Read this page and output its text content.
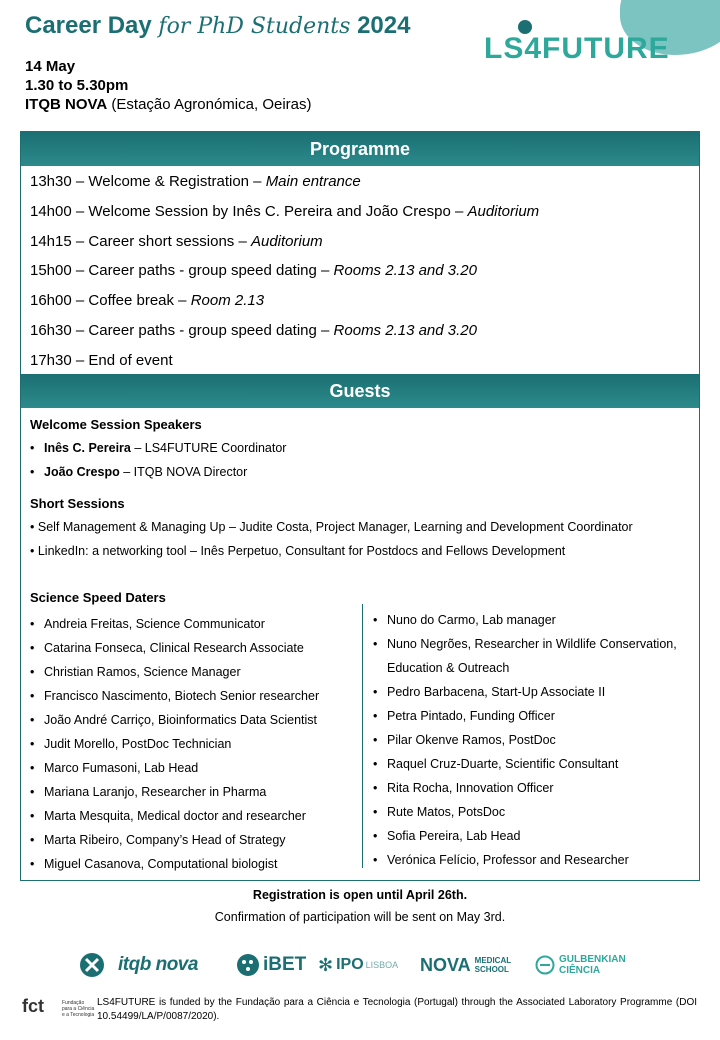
Career Day for PhD Students 2024
LS4FUTURE
14 May
1.30 to 5.30pm
ITQB NOVA (Estação Agronómica, Oeiras)
Programme
13h30 – Welcome & Registration – Main entrance
14h00 – Welcome Session by Inês C. Pereira and João Crespo – Auditorium
14h15 – Career short sessions – Auditorium
15h00 – Career paths - group speed dating – Rooms 2.13 and 3.20
16h00 – Coffee break – Room 2.13
16h30 – Career paths - group speed dating – Rooms 2.13 and 3.20
17h30 – End of event
Guests
Welcome Session Speakers
• Inês C. Pereira – LS4FUTURE Coordinator
• João Crespo – ITQB NOVA Director
Short Sessions
• Self Management & Managing Up – Judite Costa, Project Manager, Learning and Development Coordinator
• LinkedIn: a networking tool – Inês Perpetuo, Consultant for Postdocs and Fellows Development
Science Speed Daters
• Andreia Freitas, Science Communicator
• Catarina Fonseca, Clinical Research Associate
• Christian Ramos, Science Manager
• Francisco Nascimento, Biotech Senior researcher
• João André Carriço, Bioinformatics Data Scientist
• Judit Morello, PostDoc Technician
• Marco Fumasoni, Lab Head
• Mariana Laranjo, Researcher in Pharma
• Marta Mesquita, Medical doctor and researcher
• Marta Ribeiro, Company’s Head of Strategy
• Miguel Casanova, Computational biologist
• Nuno do Carmo, Lab manager
• Nuno Negrões, Researcher in Wildlife Conservation,
Education & Outreach
• Pedro Barbacena, Start-Up Associate II
• Petra Pintado, Funding Officer
• Pilar Okenve Ramos, PostDoc
• Raquel Cruz-Duarte, Scientific Consultant
• Rita Rocha, Innovation Officer
• Rute Matos, PotsDoc
• Sofia Pereira, Lab Head
• Verónica Felício, Professor and Researcher
Registration is open until April 26th.
Confirmation of participation will be sent on May 3rd.
itqb nova	iBET ✻ IPO LISBOA NOVA MEDICAL SCHOOL
GULBENKIAN
CIÊNCIA
fct	Fundação
para a Ciência
e a Tecnologia
LS4FUTURE is funded by the Fundação para a Ciência e Tecnologia (Portugal) through the Associated Laboratory Programme (DOI 10.54499/LA/P/0087/2020).
